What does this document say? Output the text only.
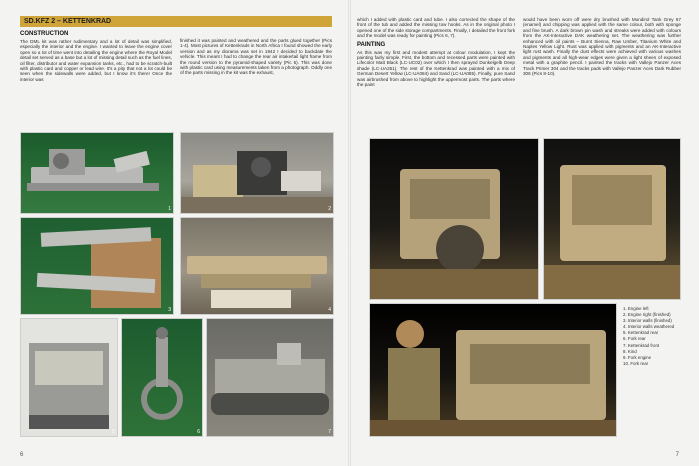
SD.KFZ 2 – KETTENKRAD
CONSTRUCTION
The DML kit was rather rudimentary and a lot of detail was simplified, especially the interior and the engine. I wanted to leave the engine cover open so a lot of time went into detailing the engine where the Royal Model detail set served as a base but a lot of missing detail such as the fuel lines, oil filter, distributor and water expansion tanks, etc., had to be scratch-built with plastic card and copper or lead wire. It's a pity that not a lot could be seen when the sidewalls were added, but I know it's there! Once the interior was
finished it was painted and weathered and the parts glued together (Pics 1-4). Most pictures of Kettenkrads in North Africa I found showed the early version and as my diorama was set in 1942 I decided to backdate the vehicle. This meant I had to change the rear air intake/tail light frame from the round version to the pyramid-shaped variety (Pic 5). This was done with plastic card using measurements taken from a photograph. Oddly one of the parts missing in the kit was the exhaust,
1	2
3	4
5	6	7
6
which I added with plastic card and tube. I also corrected the shape of the front of the tub and added the missing tow hooks. As in the original photo I opened one of the side storage compartments. Finally, I detailed the front fork and the model was ready for painting (Pics 6, 7).
PAINTING
As this was my first and modest attempt at colour modulation, I kept the painting fairly simple. First, the bottom and recessed parts were painted with Lifecolor Matt Black (LC-UC02) over which I then sprayed Dunkelgelb Deep shade (LC-UA251). The rest of the Kettenkrad was painted with a mix of German Desert Yellow (LC-UA084) and Sand (LC-UA085). Finally, pure Sand was airbrushed from above to highlight the uppermost parts. The parts where the paint
would have been worn off were dry brushed with Mundirol Tank Grey 67 (enamel) and chipping was applied with the same colour, both with sponge and fine brush. A dark brown pin wash and streaks were added with colours from the AK-Interactive DAK weathering set. The weathering was further enhanced with oil paints – Burnt Sienna, Raw Umber, Titanium White and Naples Yellow Light. Rust was applied with pigments and an AK-Interactive light rust wash. Finally the dust effects were achieved with various washes and pigments and all high-wear edges were given a light sheen of exposed metal with a graphite pencil. I painted the tracks with Vallejo Panzer Aces Track Primer 304 and the tracks pads with Vallejo Panzer Aces Dark Rubber 306 (Pics 8-10).
1. Engine left
2. Engine right (finished)
3. Interior walls (finished)
4. Interior walls weathered
5. Kettenkrad rear
6. Fork rear
7. Kettenkrad front
8. Kind
9. Fork engine
10. Fork rear
7
